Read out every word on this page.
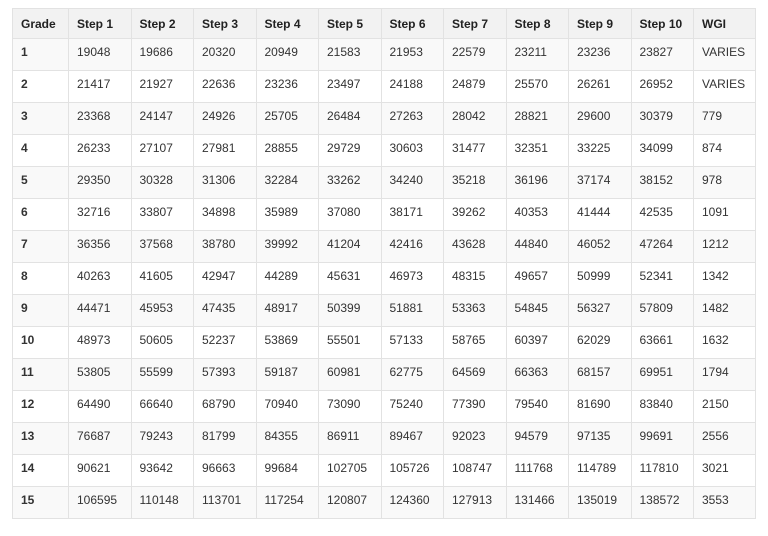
Grade	Step 1	Step 2	Step 3	Step 4	Step 5	Step 6	Step 7	Step 8	Step 9	Step 10	WGI
1	19048	19686	20320	20949	21583	21953	22579	23211	23236	23827	VARIES
2	21417	21927	22636	23236	23497	24188	24879	25570	26261	26952	VARIES
3	23368	24147	24926	25705	26484	27263	28042	28821	29600	30379	779
4	26233	27107	27981	28855	29729	30603	31477	32351	33225	34099	874
5	29350	30328	31306	32284	33262	34240	35218	36196	37174	38152	978
6	32716	33807	34898	35989	37080	38171	39262	40353	41444	42535	1091
7	36356	37568	38780	39992	41204	42416	43628	44840	46052	47264	1212
8	40263	41605	42947	44289	45631	46973	48315	49657	50999	52341	1342
9	44471	45953	47435	48917	50399	51881	53363	54845	56327	57809	1482
10	48973	50605	52237	53869	55501	57133	58765	60397	62029	63661	1632
11	53805	55599	57393	59187	60981	62775	64569	66363	68157	69951	1794
12	64490	66640	68790	70940	73090	75240	77390	79540	81690	83840	2150
13	76687	79243	81799	84355	86911	89467	92023	94579	97135	99691	2556
14	90621	93642	96663	99684	102705	105726	108747	111768	114789	117810	3021
15	106595	110148	113701	117254	120807	124360	127913	131466	135019	138572	3553
